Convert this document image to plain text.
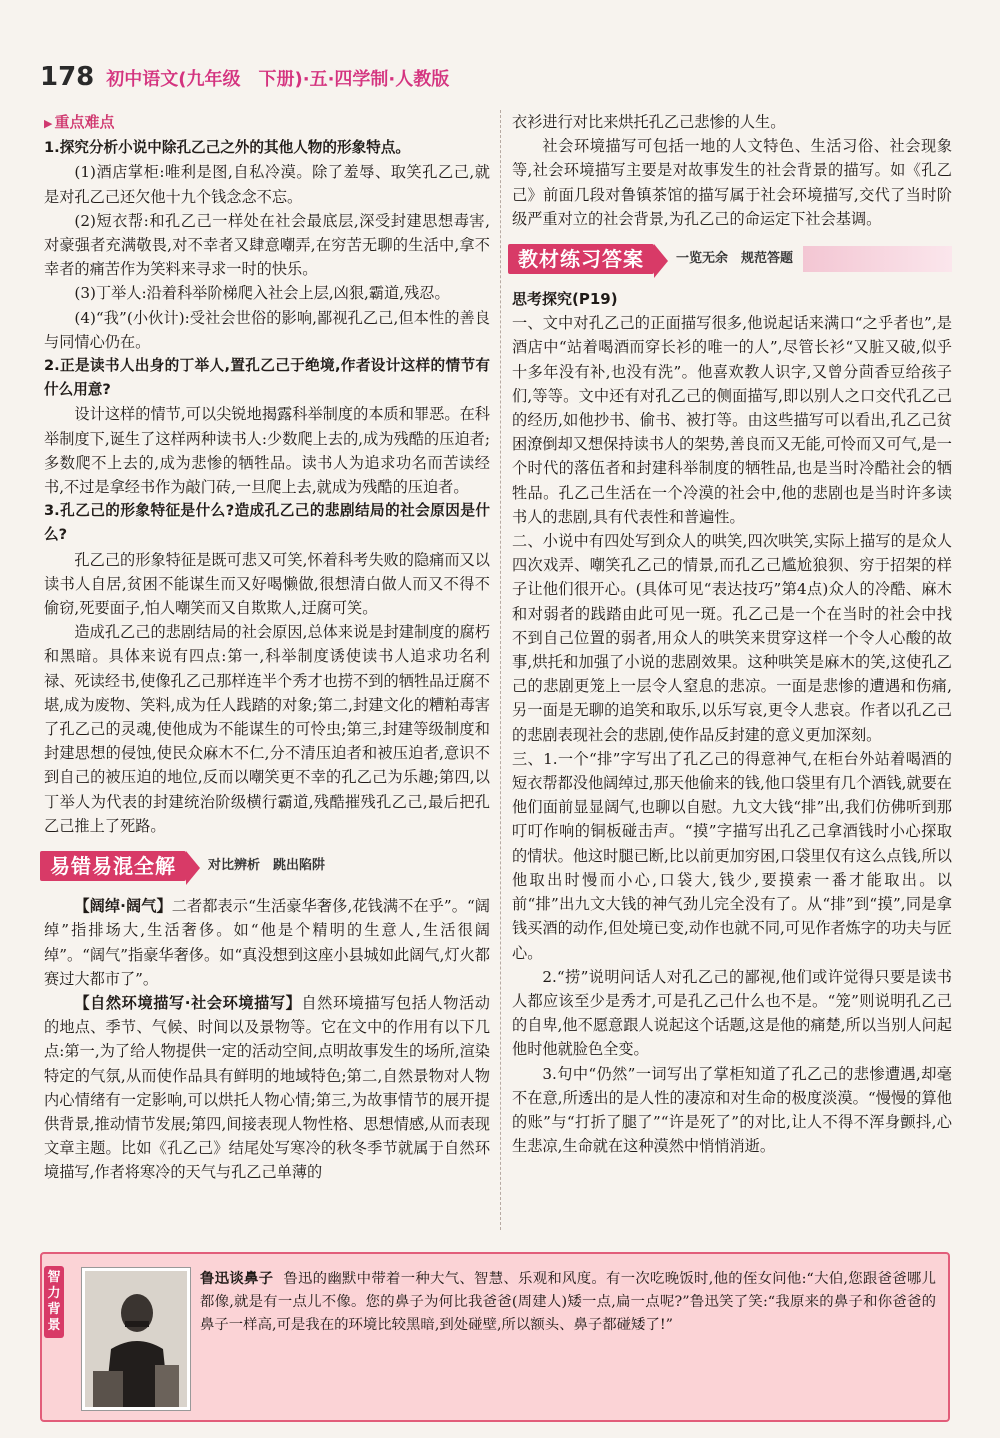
178 初中语文(九年级　下册)·五·四学制·人教版
▶ 重点难点

1.探究分析小说中除孔乙己之外的其他人物的形象特点。

(1)酒店掌柜:唯利是图,自私冷漠。除了羞辱、取笑孔乙己,就是对孔乙己还欠他十九个钱念念不忘。

(2)短衣帮:和孔乙己一样处在社会最底层,深受封建思想毒害,对豪强者充满敬畏,对不幸者又肆意嘲弄,在穷苦无聊的生活中,拿不幸者的痛苦作为笑料来寻求一时的快乐。

(3)丁举人:沿着科举阶梯爬入社会上层,凶狠,霸道,残忍。

(4)“我”(小伙计):受社会世俗的影响,鄙视孔乙己,但本性的善良与同情心仍在。

2.正是读书人出身的丁举人,置孔乙己于绝境,作者设计这样的情节有什么用意?

设计这样的情节,可以尖锐地揭露科举制度的本质和罪恶。在科举制度下,诞生了这样两种读书人:少数爬上去的,成为残酷的压迫者;多数爬不上去的,成为悲惨的牺牲品。读书人为追求功名而苦读经书,不过是拿经书作为敲门砖,一旦爬上去,就成为残酷的压迫者。

3.孔乙己的形象特征是什么?造成孔乙己的悲剧结局的社会原因是什么?

孔乙己的形象特征是既可悲又可笑,怀着科考失败的隐痛而又以读书人自居,贫困不能谋生而又好喝懒做,很想清白做人而又不得不偷窃,死要面子,怕人嘲笑而又自欺欺人,迂腐可笑。

造成孔乙己的悲剧结局的社会原因,总体来说是封建制度的腐朽和黑暗。具体来说有四点:第一,科举制度诱使读书人追求功名利禄、死读经书,使像孔乙己那样连半个秀才也捞不到的牺牲品迂腐不堪,成为废物、笑料,成为任人践踏的对象;第二,封建文化的糟粕毒害了孔乙己的灵魂,使他成为不能谋生的可怜虫;第三,封建等级制度和封建思想的侵蚀,使民众麻木不仁,分不清压迫者和被压迫者,意识不到自己的被压迫的地位,反而以嘲笑更不幸的孔乙己为乐趣;第四,以丁举人为代表的封建统治阶级横行霸道,残酷摧残孔乙己,最后把孔乙己推上了死路。

易错易混全解	对比辨析　跳出陷阱

【阔绰·阔气】二者都表示“生活豪华奢侈,花钱满不在乎”。“阔绰”指排场大,生活奢侈。如“他是个精明的生意人,生活很阔绰”。“阔气”指豪华奢侈。如“真没想到这座小县城如此阔气,灯火都赛过大都市了”。

【自然环境描写·社会环境描写】自然环境描写包括人物活动的地点、季节、气候、时间以及景物等。它在文中的作用有以下几点:第一,为了给人物提供一定的活动空间,点明故事发生的场所,渲染特定的气氛,从而使作品具有鲜明的地域特色;第二,自然景物对人物内心情绪有一定影响,可以烘托人物心情;第三,为故事情节的展开提供背景,推动情节发展;第四,间接表现人物性格、思想情感,从而表现文章主题。比如《孔乙己》结尾处写寒冷的秋冬季节就属于自然环境描写,作者将寒冷的天气与孔乙己单薄的

衣衫进行对比来烘托孔乙己悲惨的人生。

社会环境描写可包括一地的人文特色、生活习俗、社会现象等,社会环境描写主要是对故事发生的社会背景的描写。如《孔乙己》前面几段对鲁镇茶馆的描写属于社会环境描写,交代了当时阶级严重对立的社会背景,为孔乙己的命运定下社会基调。

教材练习答案	一览无余　规范答题

思考探究(P19)

一、文中对孔乙己的正面描写很多,他说起话来满口“之乎者也”,是酒店中“站着喝酒而穿长衫的唯一的人”,尽管长衫“又脏又破,似乎十多年没有补,也没有洗”。他喜欢教人识字,又曾分茴香豆给孩子们,等等。文中还有对孔乙己的侧面描写,即以别人之口交代孔乙己的经历,如他抄书、偷书、被打等。由这些描写可以看出,孔乙己贫困潦倒却又想保持读书人的架势,善良而又无能,可怜而又可气,是一个时代的落伍者和封建科举制度的牺牲品,也是当时冷酷社会的牺牲品。孔乙己生活在一个冷漠的社会中,他的悲剧也是当时许多读书人的悲剧,具有代表性和普遍性。

二、小说中有四处写到众人的哄笑,四次哄笑,实际上描写的是众人四次戏弄、嘲笑孔乙己的情景,而孔乙己尴尬狼狈、穷于招架的样子让他们很开心。(具体可见“表达技巧”第4点)众人的冷酷、麻木和对弱者的践踏由此可见一斑。孔乙己是一个在当时的社会中找不到自己位置的弱者,用众人的哄笑来贯穿这样一个令人心酸的故事,烘托和加强了小说的悲剧效果。这种哄笑是麻木的笑,这使孔乙己的悲剧更笼上一层令人窒息的悲凉。一面是悲惨的遭遇和伤痛,另一面是无聊的追笑和取乐,以乐写哀,更令人悲哀。作者以孔乙己的悲剧表现社会的悲剧,使作品反封建的意义更加深刻。

三、1.一个“排”字写出了孔乙己的得意神气,在柜台外站着喝酒的短衣帮都没他阔绰过,那天他偷来的钱,他口袋里有几个酒钱,就要在他们面前显显阔气,也聊以自慰。九文大钱“排”出,我们仿佛听到那叮叮作响的铜板碰击声。“摸”字描写出孔乙己拿酒钱时小心探取的情状。他这时腿已断,比以前更加穷困,口袋里仅有这么点钱,所以他取出时慢而小心,口袋大,钱少,要摸索一番才能取出。以前“排”出九文大钱的神气劲儿完全没有了。从“排”到“摸”,同是拿钱买酒的动作,但处境已变,动作也就不同,可见作者炼字的功夫与匠心。

2.“捞”说明问话人对孔乙己的鄙视,他们或许觉得只要是读书人都应该至少是秀才,可是孔乙己什么也不是。“笼”则说明孔乙己的自卑,他不愿意跟人说起这个话题,这是他的痛楚,所以当别人问起他时他就脸色全变。

3.句中“仍然”一词写出了掌柜知道了孔乙己的悲惨遭遇,却毫不在意,所透出的是人性的凄凉和对生命的极度淡漠。“慢慢的算他的账”与“打折了腿了”“许是死了”的对比,让人不得不浑身颤抖,心生悲凉,生命就在这种漠然中悄悄消逝。

智力背景
鲁迅谈鼻子 鲁迅的幽默中带着一种大气、智慧、乐观和风度。有一次吃晚饭时,他的侄女问他:“大伯,您跟爸爸哪儿都像,就是有一点儿不像。您的鼻子为何比我爸爸(周建人)矮一点,扁一点呢?”鲁迅笑了笑:“我原来的鼻子和你爸爸的鼻子一样高,可是我在的环境比较黑暗,到处碰壁,所以额头、鼻子都碰矮了!”
